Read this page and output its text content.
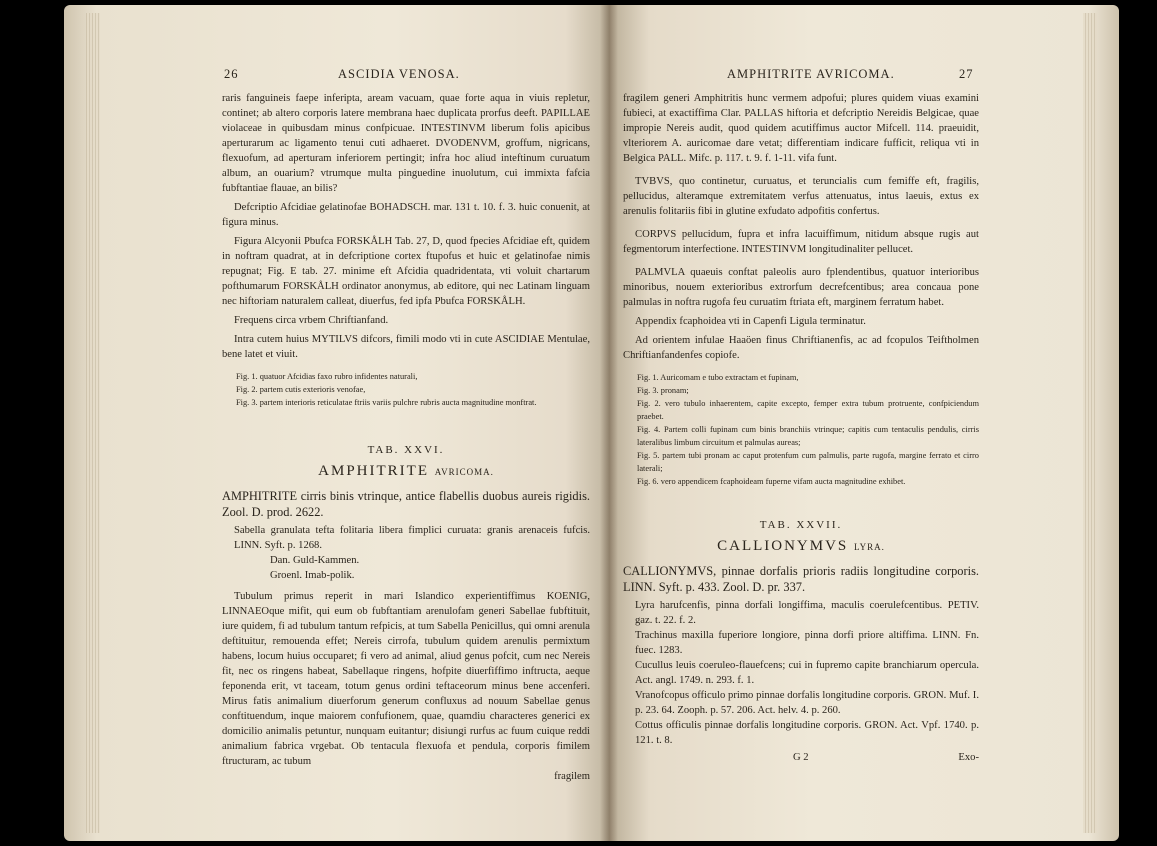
26	ASCIDIA VENOSA.

raris fanguineis faepe inferipta, aream vacuam, quae forte aqua in viuis repletur, continet; ab altero corporis latere membrana haec duplicata prorfus deeft. PAPILLAE violaceae in quibusdam minus confpicuae. INTESTINVM liberum folis apicibus aperturarum ac ligamento tenui cuti adhaeret. DVODENVM, groffum, nigricans, flexuofum, ad aperturam inferiorem pertingit; infra hoc aliud inteftinum curuatum album, an ouarium? vtrumque multa pinguedine inuolutum, cui immixta fafcia fubftantiae flauae, an bilis?

Defcriptio Afcidiae gelatinofae BOHADSCH. mar. 131 t. 10. f. 3. huic conuenit, at figura minus.

Figura Alcyonii Pbufca FORSKÅLH Tab. 27, D, quod fpecies Afcidiae eft, quidem in noftram quadrat, at in defcriptione cortex ftupofus et huic et gelatinofae nimis repugnat; Fig. E tab. 27. minime eft Afcidia quadridentata, vti voluit chartarum pofthumarum FORSKÅLH ordinator anonymus, ab editore, qui nec Latinam linguam nec hiftoriam naturalem calleat, diuerfus, fed ipfa Pbufca FORSKÅLH.

Frequens circa vrbem Chriftianfand.

Intra cutem huius MYTILVS difcors, fimili modo vti in cute ASCIDIAE Mentulae, bene latet et viuit.

Fig. 1. quatuor Afcidias faxo rubro infidentes naturali,

Fig. 2. partem cutis exterioris venofae,

Fig. 3. partem interioris reticulatae ftriis variis pulchre rubris aucta magnitudine monftrat.

TAB. XXVI.
AMPHITRITE AVRICOMA.

AMPHITRITE cirris binis vtrinque, antice flabellis duobus aureis rigidis. Zool. D. prod. 2622.

Sabella granulata tefta folitaria libera fimplici curuata: granis arenaceis fufcis. LINN. Syft. p. 1268.

Dan. Guld-Kammen.

Groenl. Imab-polik.

Tubulum primus reperit in mari Islandico experientiffimus KOENIG, LINNAEOque mifit, qui eum ob fubftantiam arenulofam generi Sabellae fubftituit, iure quidem, fi ad tubulum tantum refpicis, at tum Sabella Penicillus, qui omni arenula deftituitur, remouenda effet; Nereis cirrofa, tubulum quidem arenulis permixtum habens, locum huius occuparet; fi vero ad animal, aliud genus pofcit, cum nec Nereis fit, nec os ringens habeat, Sabellaque ringens, hofpite diuerfiffimo inftructa, aeque feponenda erit, vt taceam, totum genus ordini teftaceorum minus bene accenferi. Mirus fatis animalium diuerforum generum confluxus ad nouum Sabellae genus conftituendum, inque maiorem confufionem, quae, quamdiu characteres generici ex domicilio animalis petuntur, nunquam euitantur; disiungi rurfus ac fuum cuique reddi animalium fabrica vrgebat. Ob tentacula flexuofa et pendula, corporis fimilem ftructuram, ac tubum

fragilem

AMPHITRITE AVRICOMA.	27

fragilem generi Amphitritis hunc vermem adpofui; plures quidem viuas examini fubieci, at exactiffima Clar. PALLAS hiftoria et defcriptio Nereidis Belgicae, quae impropie Nereis audit, quod quidem acutiffimus auctor Mifcell. 114. praeuidit, vlteriorem A. auricomae dare vetat; differentiam indicare fufficit, reliqua vti in Belgica PALL. Mifc. p. 117. t. 9. f. 1-11. vifa funt.

TVBVS, quo continetur, curuatus, et teruncialis cum femiffe eft, fragilis, pellucidus, alteramque extremitatem verfus attenuatus, intus laeuis, extus ex arenulis folitariis fibi in glutine exfudato adpofitis confertus.

CORPVS pellucidum, fupra et infra lacuiffimum, nitidum absque rugis aut fegmentorum interfectione. INTESTINVM longitudinaliter pellucet.

PALMVLA quaeuis conftat paleolis auro fplendentibus, quatuor interioribus minoribus, nouem exterioribus extrorfum decrefcentibus; area concaua pone palmulas in noftra rugofa feu curuatim ftriata eft, marginem ferratum habet.

Appendix fcaphoidea vti in Capenfi Ligula terminatur.

Ad orientem infulae Haaöen finus Chriftianenfis, ac ad fcopulos Teiftholmen Chriftianfandenfes copiofe.

Fig. 1. Auricomam e tubo extractam et fupinam,

Fig. 3. pronam;

Fig. 2. vero tubulo inhaerentem, capite excepto, femper extra tubum protruente, confpiciendum praebet.

Fig. 4. Partem colli fupinam cum binis branchiis vtrinque; capitis cum tentaculis pendulis, cirris lateralibus limbum circuitum et palmulas aureas;

Fig. 5. partem tubi pronam ac caput protenfum cum palmulis, parte rugofa, margine ferrato et cirro laterali;

Fig. 6. vero appendicem fcaphoideam fuperne vifam aucta magnitudine exhibet.

TAB. XXVII.
CALLIONYMVS LYRA.

CALLIONYMVS, pinnae dorfalis prioris radiis longitudine corporis. LINN. Syft. p. 433. Zool. D. pr. 337.

Lyra harufcenfis, pinna dorfali longiffima, maculis coerulefcentibus. PETIV. gaz. t. 22. f. 2.

Trachinus maxilla fuperiore longiore, pinna dorfi priore altiffima. LINN. Fn. fuec. 1283.

Cucullus leuis coeruleo-flauefcens; cui in fupremo capite branchiarum opercula. Act. angl. 1749. n. 293. f. 1.

Vranofcopus officulo primo pinnae dorfalis longitudine corporis. GRON. Muf. I. p. 23. 64. Zooph. p. 57. 206. Act. helv. 4. p. 260.

Cottus officulis pinnae dorfalis longitudine corporis. GRON. Act. Vpf. 1740. p. 121. t. 8.

G 2	Exo-
